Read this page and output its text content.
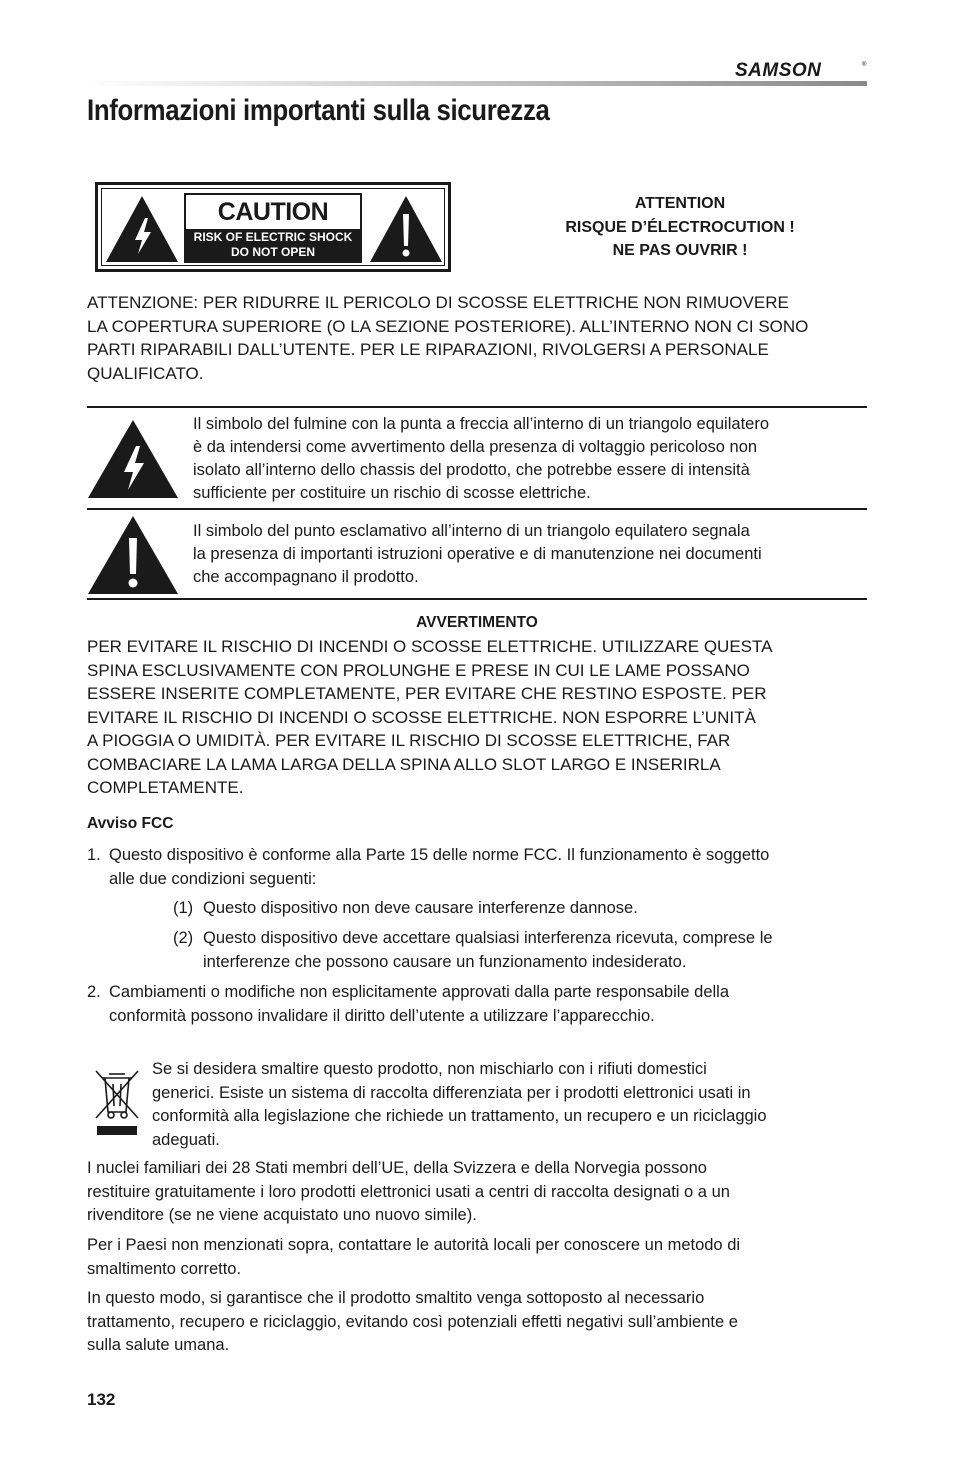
SAMSON	®
Informazioni importanti sulla sicurezza
CAUTION
RISK OF ELECTRIC SHOCK
DO NOT OPEN
ATTENTION
RISQUE D’ÉLECTROCUTION !
NE PAS OUVRIR !
ATTENZIONE: PER RIDURRE IL PERICOLO DI SCOSSE ELETTRICHE NON RIMUOVERE
LA COPERTURA SUPERIORE (O LA SEZIONE POSTERIORE). ALL’INTERNO NON CI SONO
PARTI RIPARABILI DALL’UTENTE. PER LE RIPARAZIONI, RIVOLGERSI A PERSONALE
QUALIFICATO.
Il simbolo del fulmine con la punta a freccia all’interno di un triangolo equilatero
è da intendersi come avvertimento della presenza di voltaggio pericoloso non
isolato all’interno dello chassis del prodotto, che potrebbe essere di intensità
sufficiente per costituire un rischio di scosse elettriche.
Il simbolo del punto esclamativo all’interno di un triangolo equilatero segnala
la presenza di importanti istruzioni operative e di manutenzione nei documenti
che accompagnano il prodotto.
AVVERTIMENTO
PER EVITARE IL RISCHIO DI INCENDI O SCOSSE ELETTRICHE. UTILIZZARE QUESTA
SPINA ESCLUSIVAMENTE CON PROLUNGHE E PRESE IN CUI LE LAME POSSANO
ESSERE INSERITE COMPLETAMENTE, PER EVITARE CHE RESTINO ESPOSTE. PER
EVITARE IL RISCHIO DI INCENDI O SCOSSE ELETTRICHE. NON ESPORRE L’UNITÀ
A PIOGGIA O UMIDITÀ. PER EVITARE IL RISCHIO DI SCOSSE ELETTRICHE, FAR
COMBACIARE LA LAMA LARGA DELLA SPINA ALLO SLOT LARGO E INSERIRLA
COMPLETAMENTE.
Avviso FCC
1. Questo dispositivo è conforme alla Parte 15 delle norme FCC. Il funzionamento è soggetto
alle due condizioni seguenti:
(1) Questo dispositivo non deve causare interferenze dannose.
(2) Questo dispositivo deve accettare qualsiasi interferenza ricevuta, comprese le
interferenze che possono causare un funzionamento indesiderato.
2. Cambiamenti o modifiche non esplicitamente approvati dalla parte responsabile della
conformità possono invalidare il diritto dell’utente a utilizzare l’apparecchio.
Se si desidera smaltire questo prodotto, non mischiarlo con i rifiuti domestici
generici. Esiste un sistema di raccolta differenziata per i prodotti elettronici usati in
conformità alla legislazione che richiede un trattamento, un recupero e un riciclaggio
adeguati.
I nuclei familiari dei 28 Stati membri dell’UE, della Svizzera e della Norvegia possono
restituire gratuitamente i loro prodotti elettronici usati a centri di raccolta designati o a un
rivenditore (se ne viene acquistato uno nuovo simile).
Per i Paesi non menzionati sopra, contattare le autorità locali per conoscere un metodo di
smaltimento corretto.
In questo modo, si garantisce che il prodotto smaltito venga sottoposto al necessario
trattamento, recupero e riciclaggio, evitando così potenziali effetti negativi sull’ambiente e
sulla salute umana.
132
